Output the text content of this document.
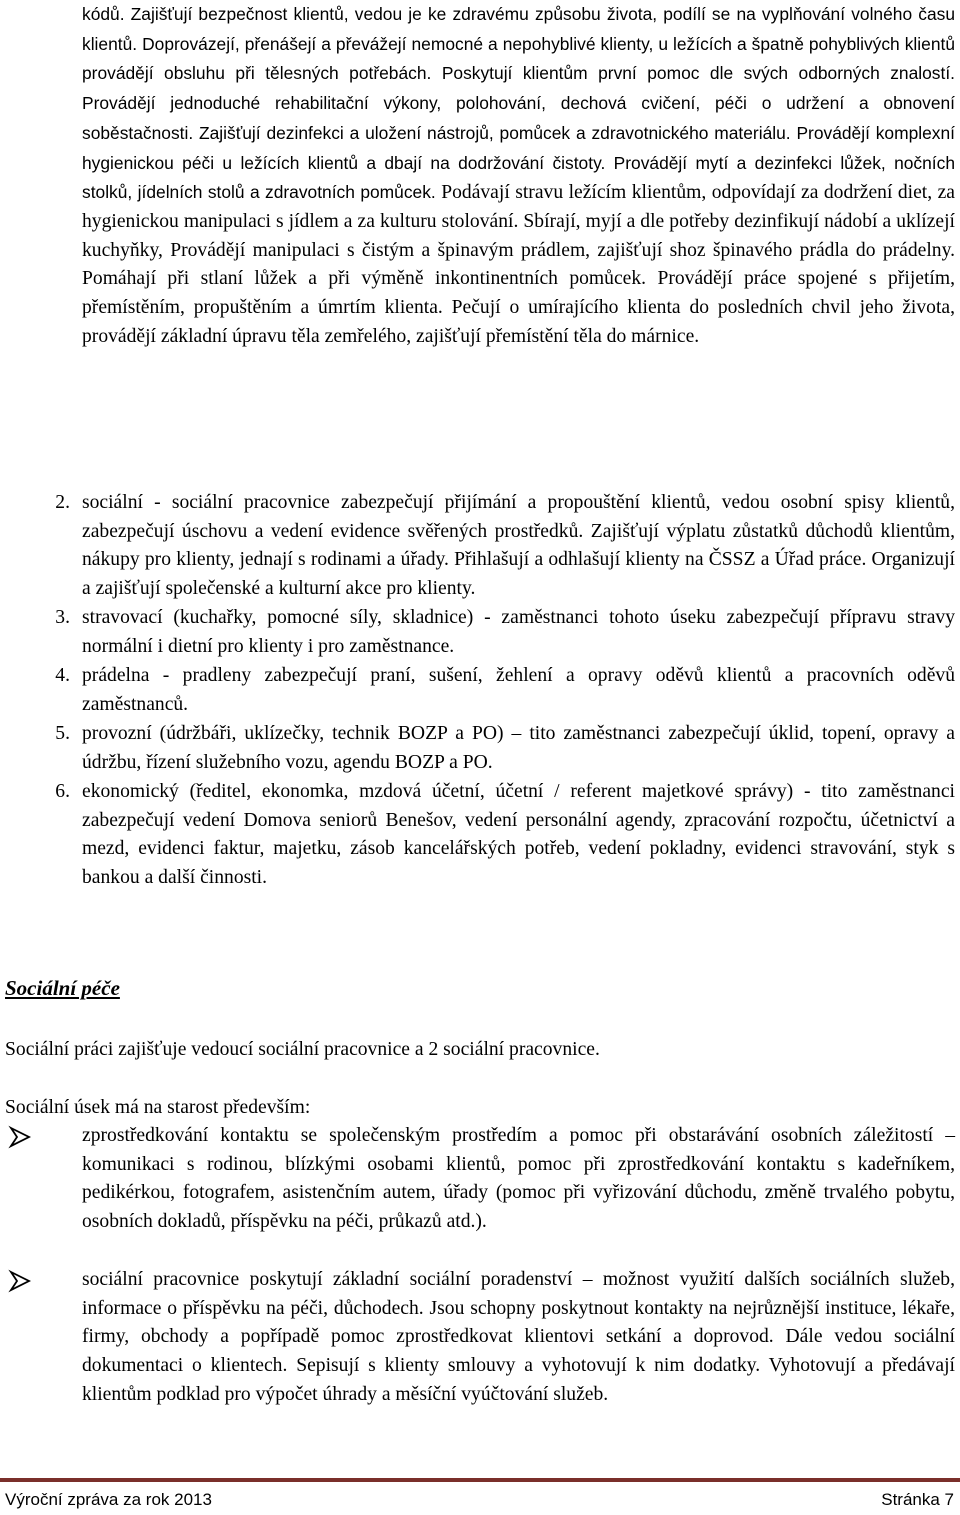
kódů. Zajišťují bezpečnost klientů, vedou je ke zdravému způsobu života, podílí se na vyplňování volného času klientů. Doprovázejí, přenášejí a převážejí nemocné a nepohyblivé klienty, u ležících a špatně pohyblivých klientů provádějí obsluhu při tělesných potřebách. Poskytují klientům první pomoc dle svých odborných znalostí. Provádějí jednoduché rehabilitační výkony, polohování, dechová cvičení, péči o udržení a obnovení soběstačnosti. Zajišťují dezinfekci a uložení nástrojů, pomůcek a zdravotnického materiálu. Provádějí komplexní hygienickou péči u ležících klientů a dbají na dodržování čistoty. Provádějí mytí a dezinfekci lůžek, nočních stolků, jídelních stolů a zdravotních pomůcek. Podávají stravu ležícím klientům, odpovídají za dodržení diet, za hygienickou manipulaci s jídlem a za kulturu stolování. Sbírají, myjí a dle potřeby dezinfikují nádobí a uklízejí kuchyňky, Provádějí manipulaci s čistým a špinavým prádlem, zajišťují shoz špinavého prádla do prádelny. Pomáhají při stlaní lůžek a při výměně inkontinentních pomůcek. Provádějí práce spojené s přijetím, přemístěním, propuštěním a úmrtím klienta. Pečují o umírajícího klienta do posledních chvil jeho života, provádějí základní úpravu těla zemřelého, zajišťují přemístění těla do márnice.
2. sociální - sociální pracovnice zabezpečují přijímání a propouštění klientů, vedou osobní spisy klientů, zabezpečují úschovu a vedení evidence svěřených prostředků. Zajišťují výplatu zůstatků důchodů klientům, nákupy pro klienty, jednají s rodinami a úřady. Přihlašují a odhlašují klienty na ČSSZ a Úřad práce. Organizují a zajišťují společenské a kulturní akce pro klienty.
3. stravovací (kuchařky, pomocné síly, skladnice) - zaměstnanci tohoto úseku zabezpečují přípravu stravy normální i dietní pro klienty i pro zaměstnance.
4. prádelna - pradleny zabezpečují praní, sušení, žehlení a opravy oděvů klientů a pracovních oděvů zaměstnanců.
5. provozní (údržbáři, uklízečky, technik BOZP a PO) – tito zaměstnanci zabezpečují úklid, topení, opravy a údržbu, řízení služebního vozu, agendu BOZP a PO.
6. ekonomický (ředitel, ekonomka, mzdová účetní, účetní / referent majetkové správy) - tito zaměstnanci zabezpečují vedení Domova seniorů Benešov, vedení personální agendy, zpracování rozpočtu, účetnictví a mezd, evidenci faktur, majetku, zásob kancelářských potřeb, vedení pokladny, evidenci stravování, styk s bankou a další činnosti.
Sociální péče
Sociální práci zajišťuje vedoucí sociální pracovnice a 2 sociální pracovnice.
Sociální úsek má na starost především:
zprostředkování kontaktu se společenským prostředím a pomoc při obstarávání osobních záležitostí – komunikaci s rodinou, blízkými osobami klientů, pomoc při zprostředkování kontaktu s kadeřníkem, pedikérkou, fotografem, asistenčním autem, úřady (pomoc při vyřizování důchodu, změně trvalého pobytu, osobních dokladů, příspěvku na péči, průkazů atd.).
sociální pracovnice poskytují základní sociální poradenství – možnost využití dalších sociálních služeb, informace o příspěvku na péči, důchodech. Jsou schopny poskytnout kontakty na nejrůznější instituce, lékaře, firmy, obchody a popřípadě pomoc zprostředkovat klientovi setkání a doprovod. Dále vedou sociální dokumentaci o klientech. Sepisují s klienty smlouvy a vyhotovují k nim dodatky. Vyhotovují a předávají klientům podklad pro výpočet úhrady a měsíční vyúčtování služeb.
Výroční zpráva za rok 2013	Stránka 7
